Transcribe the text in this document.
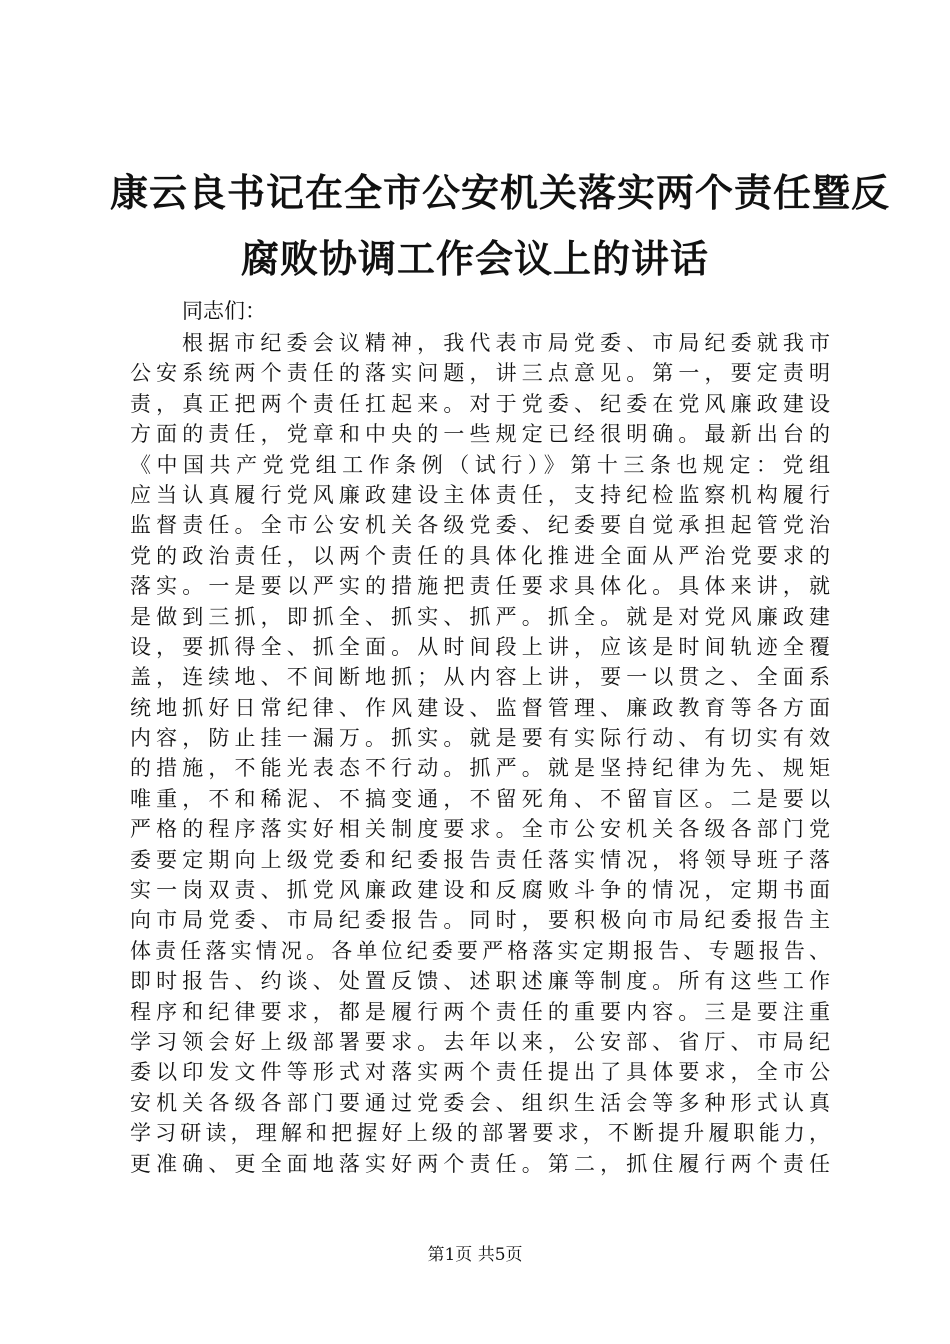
康云良书记在全市公安机关落实两个责任暨反
腐败协调工作会议上的讲话
同志们：
根据市纪委会议精神，我代表市局党委、市局纪委就我市
公安系统两个责任的落实问题，讲三点意见。第一，要定责明
责，真正把两个责任扛起来。对于党委、纪委在党风廉政建设
方面的责任，党章和中央的一些规定已经很明确。最新出台的
《中国共产党党组工作条例（试行）》第十三条也规定：党组
应当认真履行党风廉政建设主体责任，支持纪检监察机构履行
监督责任。全市公安机关各级党委、纪委要自觉承担起管党治
党的政治责任，以两个责任的具体化推进全面从严治党要求的
落实。一是要以严实的措施把责任要求具体化。具体来讲，就
是做到三抓，即抓全、抓实、抓严。抓全。就是对党风廉政建
设，要抓得全、抓全面。从时间段上讲，应该是时间轨迹全覆
盖，连续地、不间断地抓；从内容上讲，要一以贯之、全面系
统地抓好日常纪律、作风建设、监督管理、廉政教育等各方面
内容，防止挂一漏万。抓实。就是要有实际行动、有切实有效
的措施，不能光表态不行动。抓严。就是坚持纪律为先、规矩
唯重，不和稀泥、不搞变通，不留死角、不留盲区。二是要以
严格的程序落实好相关制度要求。全市公安机关各级各部门党
委要定期向上级党委和纪委报告责任落实情况，将领导班子落
实一岗双责、抓党风廉政建设和反腐败斗争的情况，定期书面
向市局党委、市局纪委报告。同时，要积极向市局纪委报告主
体责任落实情况。各单位纪委要严格落实定期报告、专题报告、
即时报告、约谈、处置反馈、述职述廉等制度。所有这些工作
程序和纪律要求，都是履行两个责任的重要内容。三是要注重
学习领会好上级部署要求。去年以来，公安部、省厅、市局纪
委以印发文件等形式对落实两个责任提出了具体要求，全市公
安机关各级各部门要通过党委会、组织生活会等多种形式认真
学习研读，理解和把握好上级的部署要求，不断提升履职能力，
更准确、更全面地落实好两个责任。第二，抓住履行两个责任
第1页 共5页
